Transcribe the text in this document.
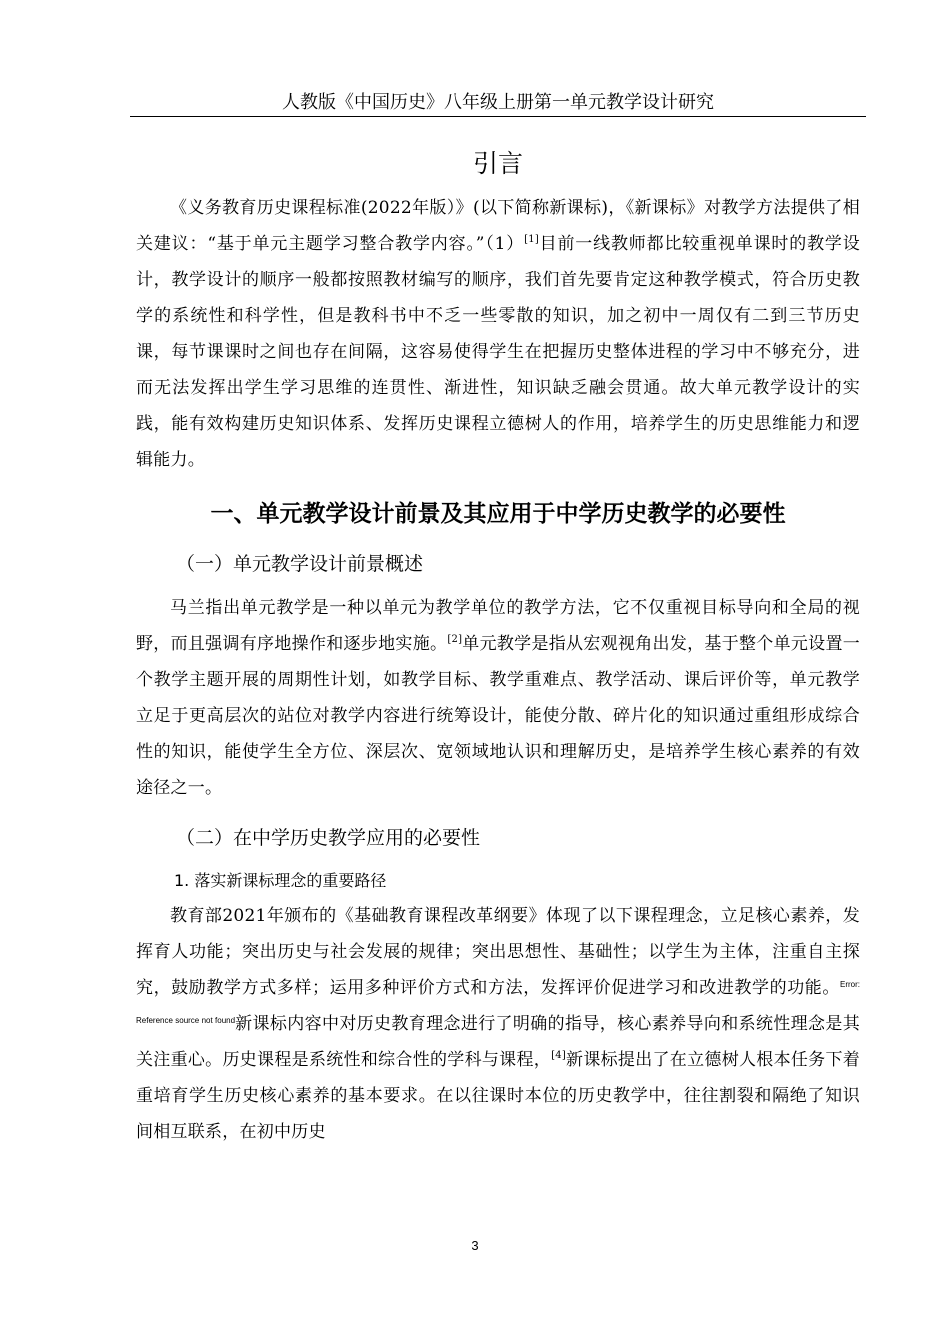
人教版《中国历史》八年级上册第一单元教学设计研究
引言

《义务教育历史课程标准(2022年版）》(以下简称新课标)，《新课标》对教学方法提供了相关建议：“基于单元主题学习整合教学内容。”（1）[1]目前一线教师都比较重视单课时的教学设计，教学设计的顺序一般都按照教材编写的顺序，我们首先要肯定这种教学模式，符合历史教学的系统性和科学性，但是教科书中不乏一些零散的知识，加之初中一周仅有二到三节历史课，每节课课时之间也存在间隔，这容易使得学生在把握历史整体进程的学习中不够充分，进而无法发挥出学生学习思维的连贯性、渐进性，知识缺乏融会贯通。故大单元教学设计的实践，能有效构建历史知识体系、发挥历史课程立德树人的作用，培养学生的历史思维能力和逻辑能力。

一、单元教学设计前景及其应用于中学历史教学的必要性
（一）单元教学设计前景概述

马兰指出单元教学是一种以单元为教学单位的教学方法，它不仅重视目标导向和全局的视野，而且强调有序地操作和逐步地实施。[2]单元教学是指从宏观视角出发，基于整个单元设置一个教学主题开展的周期性计划，如教学目标、教学重难点、教学活动、课后评价等，单元教学立足于更高层次的站位对教学内容进行统筹设计，能使分散、碎片化的知识通过重组形成综合性的知识，能使学生全方位、深层次、宽领域地认识和理解历史，是培养学生核心素养的有效途径之一。

（二）在中学历史教学应用的必要性
1. 落实新课标理念的重要路径

教育部2021年颁布的《基础教育课程改革纲要》体现了以下课程理念，立足核心素养，发挥育人功能；突出历史与社会发展的规律；突出思想性、基础性；以学生为主体，注重自主探究，鼓励教学方式多样；运用多种评价方式和方法，发挥评价促进学习和改进教学的功能。$^{Error: Reference source not found}$新课标内容中对历史教育理念进行了明确的指导，核心素养导向和系统性理念是其关注重心。历史课程是系统性和综合性的学科与课程，[4]新课标提出了在立德树人根本任务下着重培育学生历史核心素养的基本要求。在以往课时本位的历史教学中，往往割裂和隔绝了知识间相互联系，在初中历史

3
